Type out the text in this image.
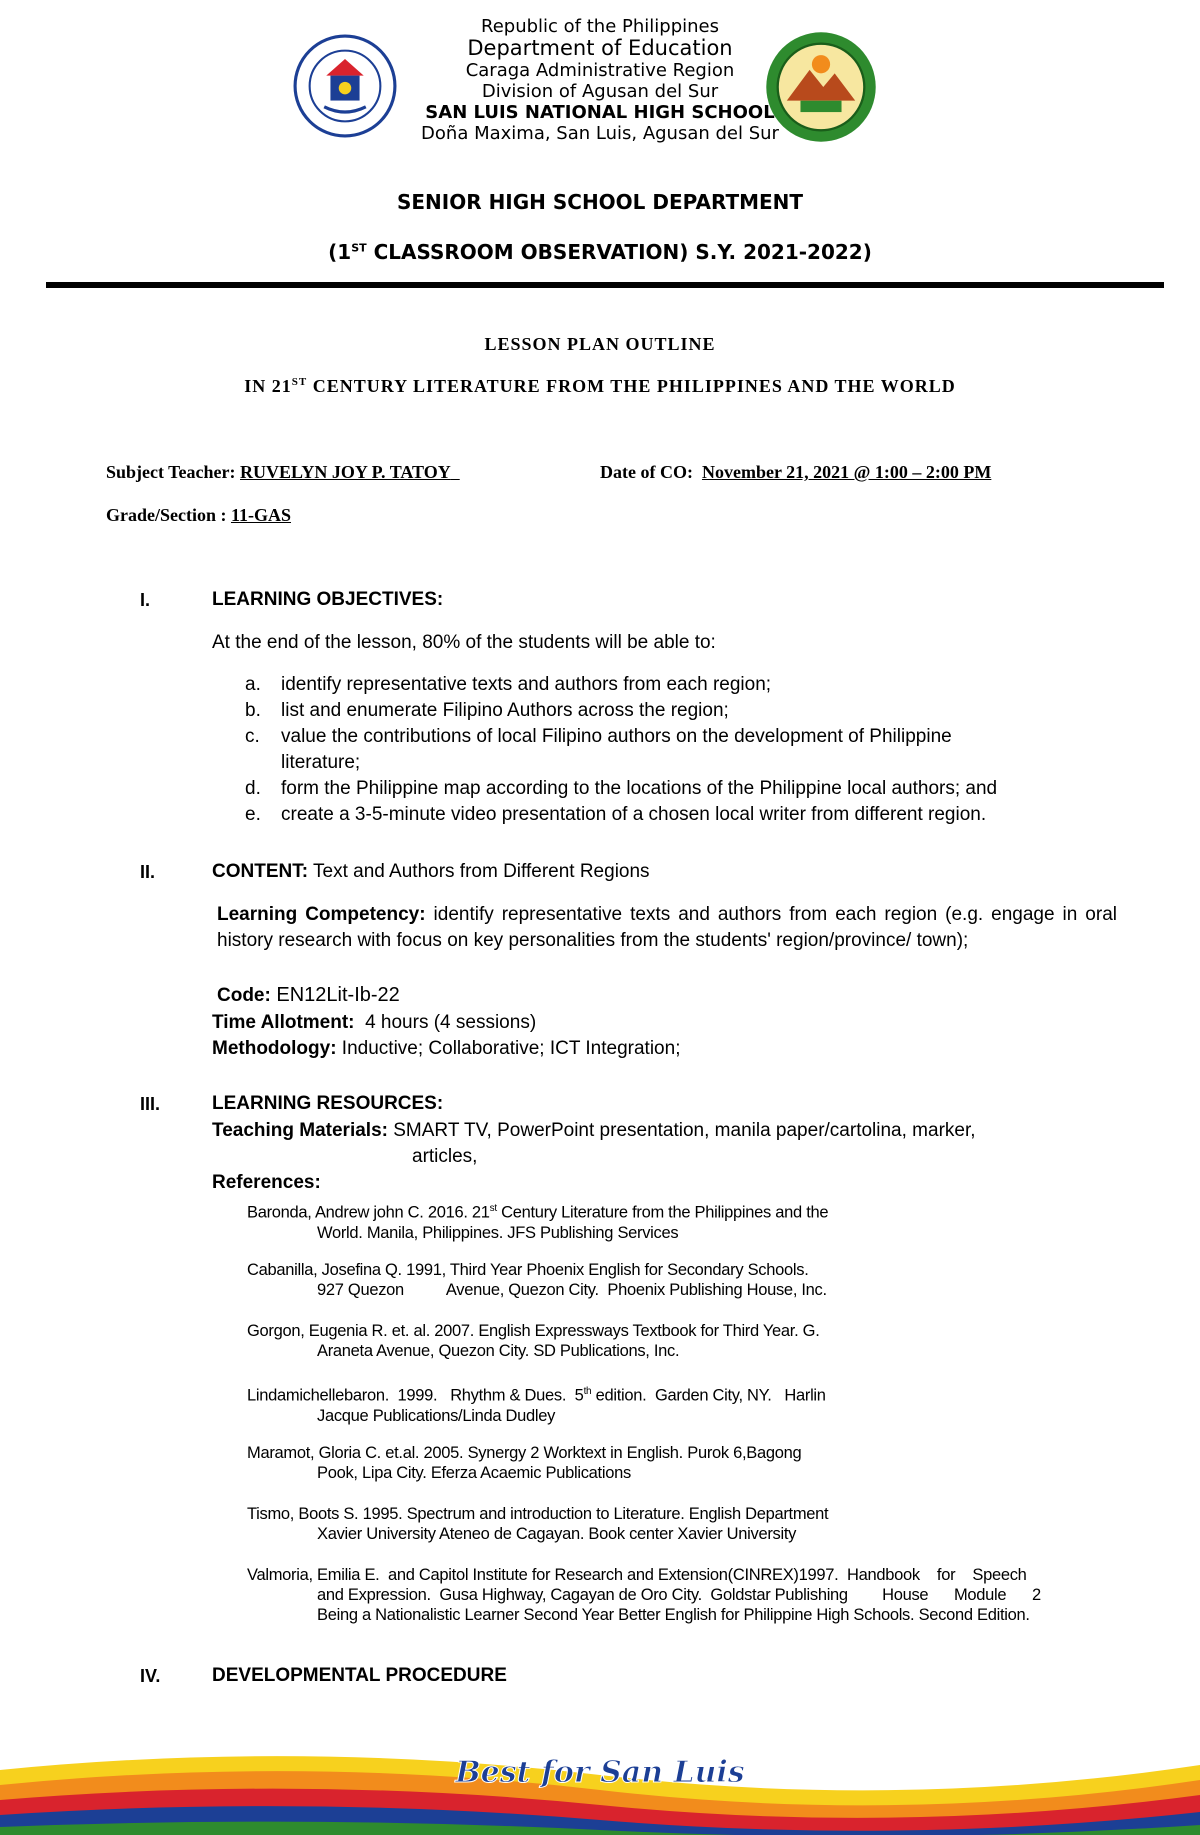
Republic of the Philippines
Department of Education
Caraga Administrative Region
Division of Agusan del Sur
SAN LUIS NATIONAL HIGH SCHOOL
Doña Maxima, San Luis, Agusan del Sur
SENIOR HIGH SCHOOL DEPARTMENT
(1ST CLASSROOM OBSERVATION) S.Y. 2021-2022)
LESSON PLAN OUTLINE
IN 21ST CENTURY LITERATURE FROM THE PHILIPPINES AND THE WORLD
Subject Teacher: RUVELYN JOY P. TATOY	Date of CO: November 21, 2021 @ 1:00 – 2:00 PM
Grade/Section : 11-GAS
I.	LEARNING OBJECTIVES:
At the end of the lesson, 80% of the students will be able to:
a. identify representative texts and authors from each region;
b. list and enumerate Filipino Authors across the region;
c. value the contributions of local Filipino authors on the development of Philippine
literature;
d. form the Philippine map according to the locations of the Philippine local authors; and
e. create a 3-5-minute video presentation of a chosen local writer from different region.
II.	CONTENT: Text and Authors from Different Regions
Learning Competency: identify representative texts and authors from each region (e.g. engage in oral history research with focus on key personalities from the students' region/province/ town);
Code: EN12Lit-Ib-22
Time Allotment:  4 hours (4 sessions)
Methodology: Inductive; Collaborative; ICT Integration;
III.	LEARNING RESOURCES:
Teaching Materials: SMART TV, PowerPoint presentation, manila paper/cartolina, marker,
articles,
References:
Baronda, Andrew john C. 2016. 21st Century Literature from the Philippines and the
World. Manila, Philippines. JFS Publishing Services
Cabanilla, Josefina Q. 1991, Third Year Phoenix English for Secondary Schools.
927 Quezon          Avenue, Quezon City.  Phoenix Publishing House, Inc.
Gorgon, Eugenia R. et. al. 2007. English Expressways Textbook for Third Year. G.
Araneta Avenue, Quezon City. SD Publications, Inc.
Lindamichellebaron.  1999.   Rhythm & Dues.  5th edition.  Garden City, NY.   Harlin
Jacque Publications/Linda Dudley
Maramot, Gloria C. et.al. 2005. Synergy 2 Worktext in English. Purok 6,Bagong
Pook, Lipa City. Eferza Acaemic Publications
Tismo, Boots S. 1995. Spectrum and introduction to Literature. English Department
Xavier University Ateneo de Cagayan. Book center Xavier University
Valmoria, Emilia E.  and Capitol Institute for Research and Extension(CINREX)1997.  Handbook    for    Speech
and Expression.  Gusa Highway, Cagayan de Oro City.  Goldstar Publishing        House      Module      2
Being a Nationalistic Learner Second Year Better English for Philippine High Schools. Second Edition.
IV.	DEVELOPMENTAL PROCEDURE
Best for San Luis
